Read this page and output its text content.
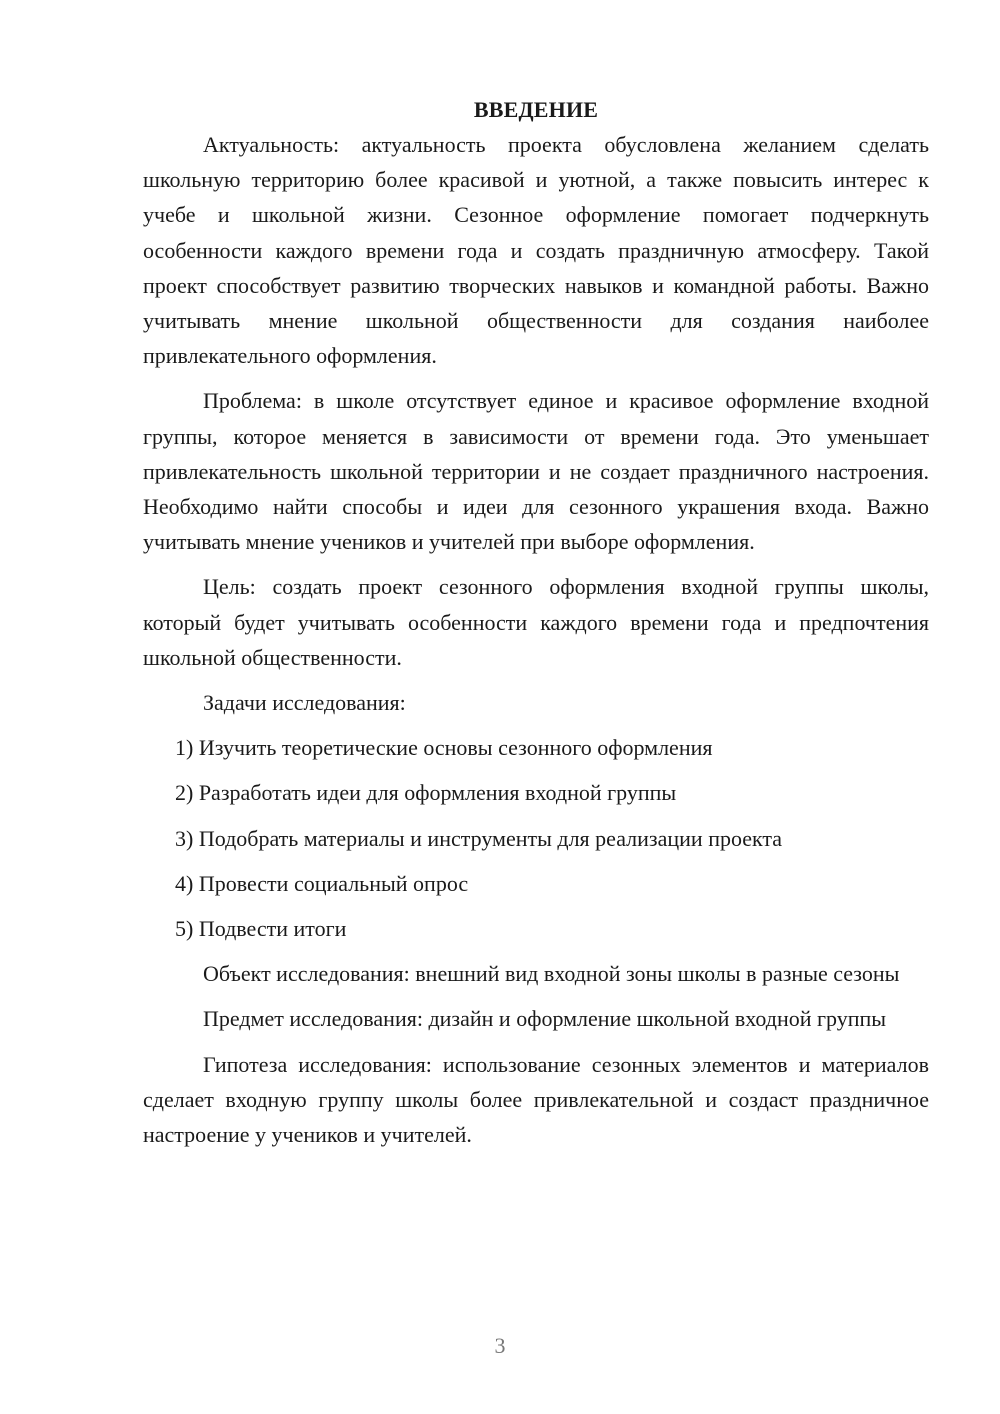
ВВЕДЕНИЕ

Актуальность: актуальность проекта обусловлена желанием сделать школьную территорию более красивой и уютной, а также повысить интерес к учебе и школьной жизни. Сезонное оформление помогает подчеркнуть особенности каждого времени года и создать праздничную атмосферу. Такой проект способствует развитию творческих навыков и командной работы. Важно учитывать мнение школьной общественности для создания наиболее привлекательного оформления.

Проблема: в школе отсутствует единое и красивое оформление входной группы, которое меняется в зависимости от времени года. Это уменьшает привлекательность школьной территории и не создает праздничного настроения. Необходимо найти способы и идеи для сезонного украшения входа. Важно учитывать мнение учеников и учителей при выборе оформления.

Цель: создать проект сезонного оформления входной группы школы, который будет учитывать особенности каждого времени года и предпочтения школьной общественности.

Задачи исследования:

1) Изучить теоретические основы сезонного оформления
2) Разработать идеи для оформления входной группы
3) Подобрать материалы и инструменты для реализации проекта
4) Провести социальный опрос
5) Подвести итоги

Объект исследования: внешний вид входной зоны школы в разные сезоны

Предмет исследования: дизайн и оформление школьной входной группы

Гипотеза исследования: использование сезонных элементов и материалов сделает входную группу школы более привлекательной и создаст праздничное настроение у учеников и учителей.

3
